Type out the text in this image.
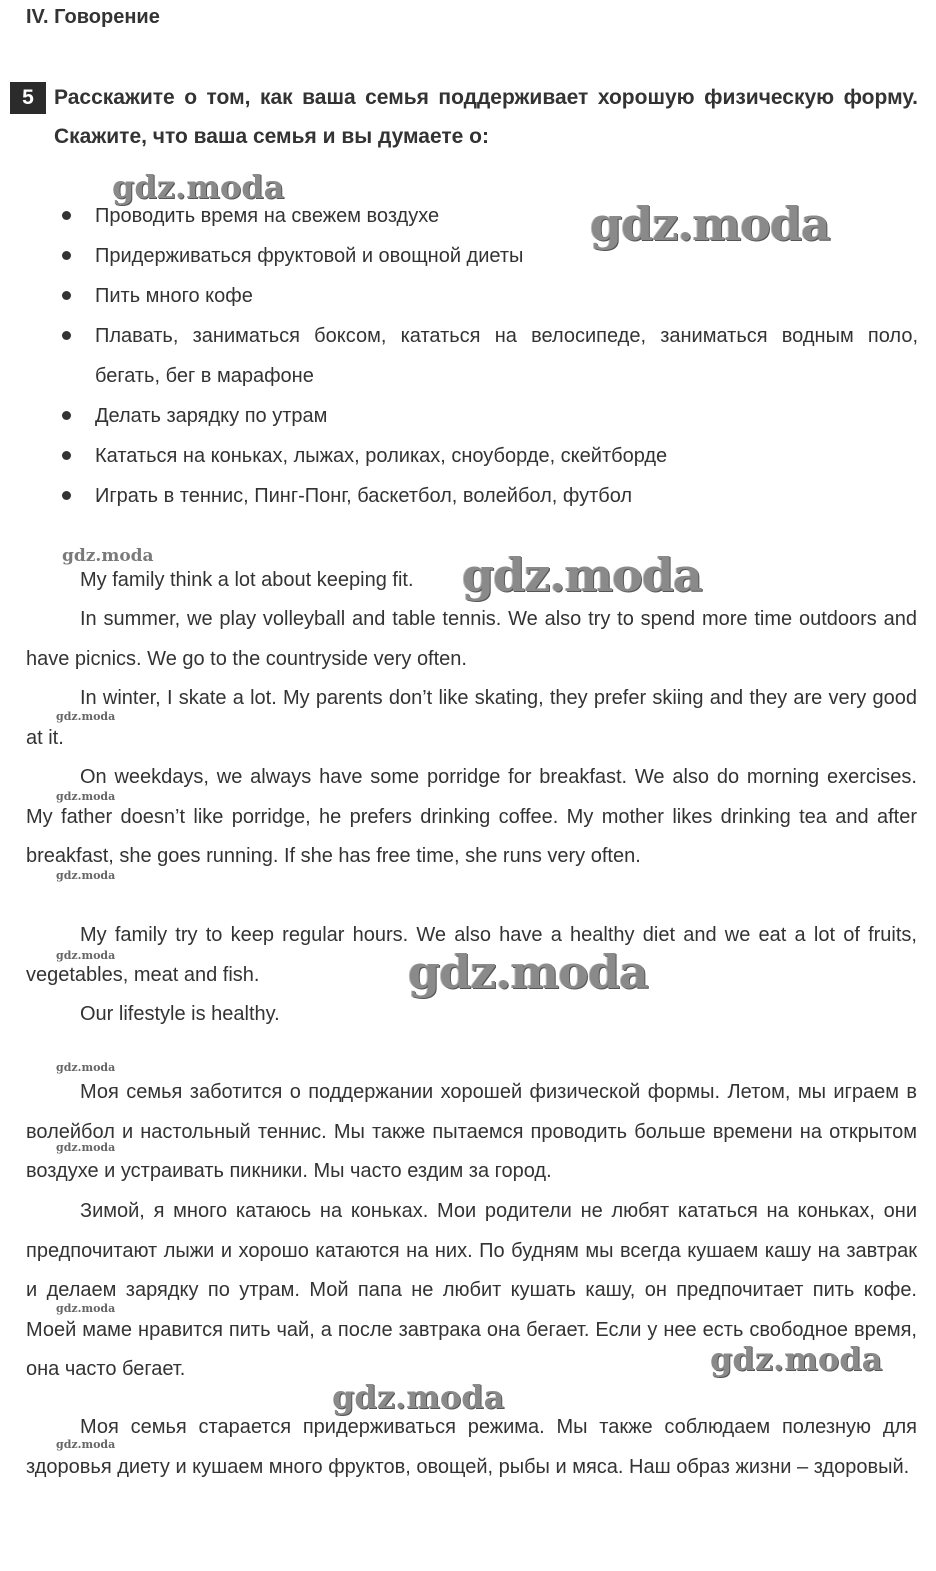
IV. Говорение
5 Расскажите о том, как ваша семья поддерживает хорошую физическую форму. Скажите, что ваша семья и вы думаете о:
Проводить время на свежем воздухе
Придерживаться фруктовой и овощной диеты
Пить много кофе
Плавать, заниматься боксом, кататься на велосипеде, заниматься водным поло, бегать, бег в марафоне
Делать зарядку по утрам
Кататься на коньках, лыжах, роликах, сноуборде, скейтборде
Играть в теннис, Пинг-Понг, баскетбол, волейбол, футбол

My family think a lot about keeping fit.

In summer, we play volleyball and table tennis. We also try to spend more time outdoors and have picnics. We go to the countryside very often.

In winter, I skate a lot. My parents don’t like skating, they prefer skiing and they are very good at it.

On weekdays, we always have some porridge for breakfast. We also do morning exercises. My father doesn’t like porridge, he prefers drinking coffee. My mother likes drinking tea and after breakfast, she goes running. If she has free time, she runs very often.

My family try to keep regular hours. We also have a healthy diet and we eat a lot of fruits, vegetables, meat and fish.

Our lifestyle is healthy.

Моя семья заботится о поддержании хорошей физической формы. Летом, мы играем в волейбол и настольный теннис. Мы также пытаемся проводить больше времени на открытом воздухе и устраивать пикники. Мы часто ездим за город.

Зимой, я много катаюсь на коньках. Мои родители не любят кататься на коньках, они предпочитают лыжи и хорошо катаются на них. По будням мы всегда кушаем кашу на завтрак и делаем зарядку по утрам. Мой папа не любит кушать кашу, он предпочитает пить кофе. Моей маме нравится пить чай, а после завтрака она бегает. Если у нее есть свободное время, она часто бегает.

Моя семья старается придерживаться режима. Мы также соблюдаем полезную для здоровья диету и кушаем много фруктов, овощей, рыбы и мяса. Наш образ жизни – здоровый.

gdz.moda
gdz.moda
gdz.moda	gdz.moda
gdz.moda
gdz.moda
gdz.moda
gdz.moda	gdz.moda
gdz.moda
gdz.moda
gdz.moda
gdz.moda
gdz.moda
gdz.moda
